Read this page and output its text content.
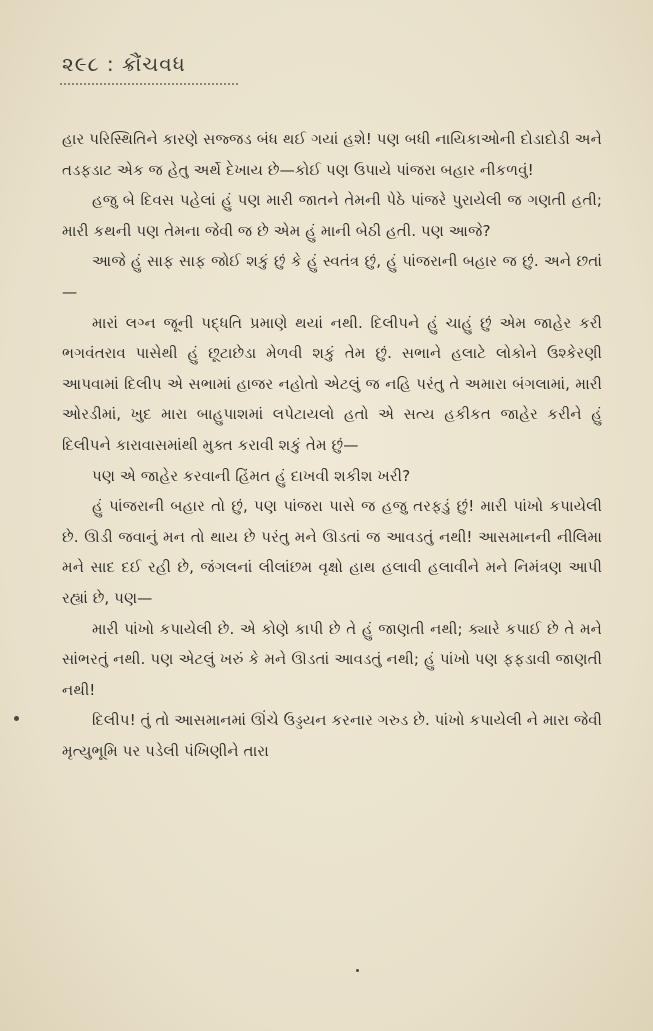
૨૯૮ : ક્રૌંચવધ

હાર પરિસ્થિતિને કારણે સજ્જડ બંધ થઈ ગયાં હશે! પણ બધી નાયિકાઓની દોડાદોડી અને તડફડાટ એક જ હેતુ અર્થે દેખાય છે—કોઈ પણ ઉપાયે પાંજરા બહાર નીકળવું!

હજુ બે દિવસ પહેલાં હું પણ મારી જાતને તેમની પેઠે પાંજરે પુરાયેલી જ ગણતી હતી; મારી કથની પણ તેમના જેવી જ છે એમ હું માની બેઠી હતી. પણ આજે?

આજે હું સાફ સાફ જોઈ શકું છું કે હું સ્વતંત્ર છું, હું પાંજરાની બહાર જ છું. અને છતાં—

મારાં લગ્ન જૂની પદ્ધતિ પ્રમાણે થયાં નથી. દિલીપને હું ચાહું છું એમ જાહેર કરી ભગવંતરાવ પાસેથી હું છૂટાછેડા મેળવી શકું તેમ છું. સભાને હલાટે લોકોને ઉશ્કેરણી આપવામાં દિલીપ એ સભામાં હાજર નહોતો એટલું જ નહિ પરંતુ તે અમારા બંગલામાં, મારી ઓરડીમાં, ખુદ મારા બાહુપાશમાં લપેટાયલો હતો એ સત્ય હકીકત જાહેર કરીને હું દિલીપને કારાવાસમાંથી મુક્ત કરાવી શકું તેમ છું—

પણ એ જાહેર કરવાની હિંમત હું દાખવી શકીશ ખરી?

હું પાંજરાની બહાર તો છું, પણ પાંજરા પાસે જ હજુ તરફડું છું! મારી પાંખો કપાયેલી છે. ઊડી જવાનું મન તો થાય છે પરંતુ મને ઊડતાં જ આવડતું નથી! આસમાનની નીલિમા મને સાદ દઈ રહી છે, જંગલનાં લીલાંછમ વૃક્ષો હાથ હલાવી હલાવીને મને નિમંત્રણ આપી રહ્યાં છે, પણ—

મારી પાંખો કપાયેલી છે. એ કોણે કાપી છે તે હું જાણતી નથી; ક્યારે કપાઈ છે તે મને સાંભરતું નથી. પણ એટલું ખરું કે મને ઊડતાં આવડતું નથી; હું પાંખો પણ ફફડાવી જાણતી નથી!

દિલીપ! તું તો આસમાનમાં ઊંચે ઉડ્ડયન કરનાર ગરુડ છે. પાંખો કપાયેલી ને મારા જેવી મૃત્યુભૂમિ પર પડેલી પંખિણીને તારા
